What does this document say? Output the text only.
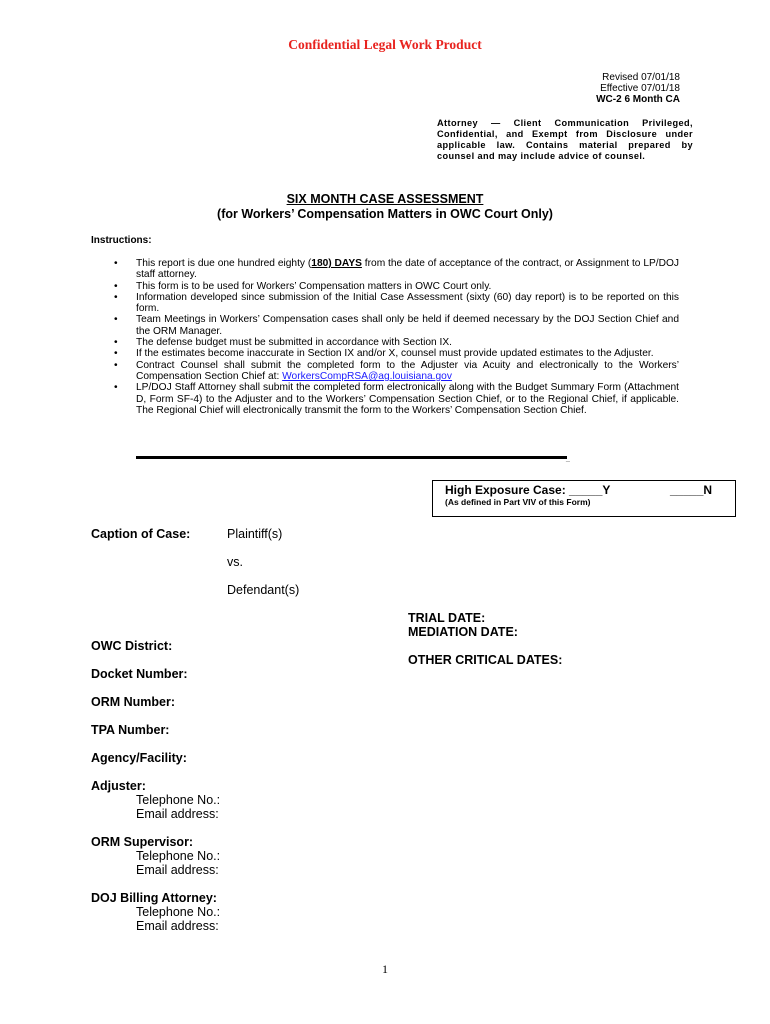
Confidential Legal Work Product
Revised 07/01/18
Effective 07/01/18
WC-2 6 Month CA
Attorney — Client Communication Privileged, Confidential, and Exempt from Disclosure under applicable law. Contains material prepared by counsel and may include advice of counsel.
SIX MONTH CASE ASSESSMENT
(for Workers’ Compensation Matters in OWC Court Only)
Instructions:
• This report is due one hundred eighty (180) DAYS from the date of acceptance of the contract, or Assignment to LP/DOJ staff attorney.
• This form is to be used for Workers’ Compensation matters in OWC Court only.
• Information developed since submission of the Initial Case Assessment (sixty (60) day report) is to be reported on this form.
• Team Meetings in Workers’ Compensation cases shall only be held if deemed necessary by the DOJ Section Chief and the ORM Manager.
• The defense budget must be submitted in accordance with Section IX.
• If the estimates become inaccurate in Section IX and/or X, counsel must provide updated estimates to the Adjuster.
• Contract Counsel shall submit the completed form to the Adjuster via Acuity and electronically to the Workers’ Compensation Section Chief at: WorkersCompRSA@ag.louisiana.gov
• LP/DOJ Staff Attorney shall submit the completed form electronically along with the Budget Summary Form (Attachment D, Form SF-4) to the Adjuster and to the Workers’ Compensation Section Chief, or to the Regional Chief, if applicable. The Regional Chief will electronically transmit the form to the Workers’ Compensation Section Chief.
_
High Exposure Case: _____Y	_____N
(As defined in Part VIV of this Form)
Caption of Case:	Plaintiff(s)
vs.
Defendant(s)
TRIAL DATE:
MEDIATION DATE:
OTHER CRITICAL DATES:
OWC District:
Docket Number:
ORM Number:
TPA Number:
Agency/Facility:
Adjuster:
Telephone No.:
Email address:
ORM Supervisor:
Telephone No.:
Email address:
DOJ Billing Attorney:
Telephone No.:
Email address:
1
